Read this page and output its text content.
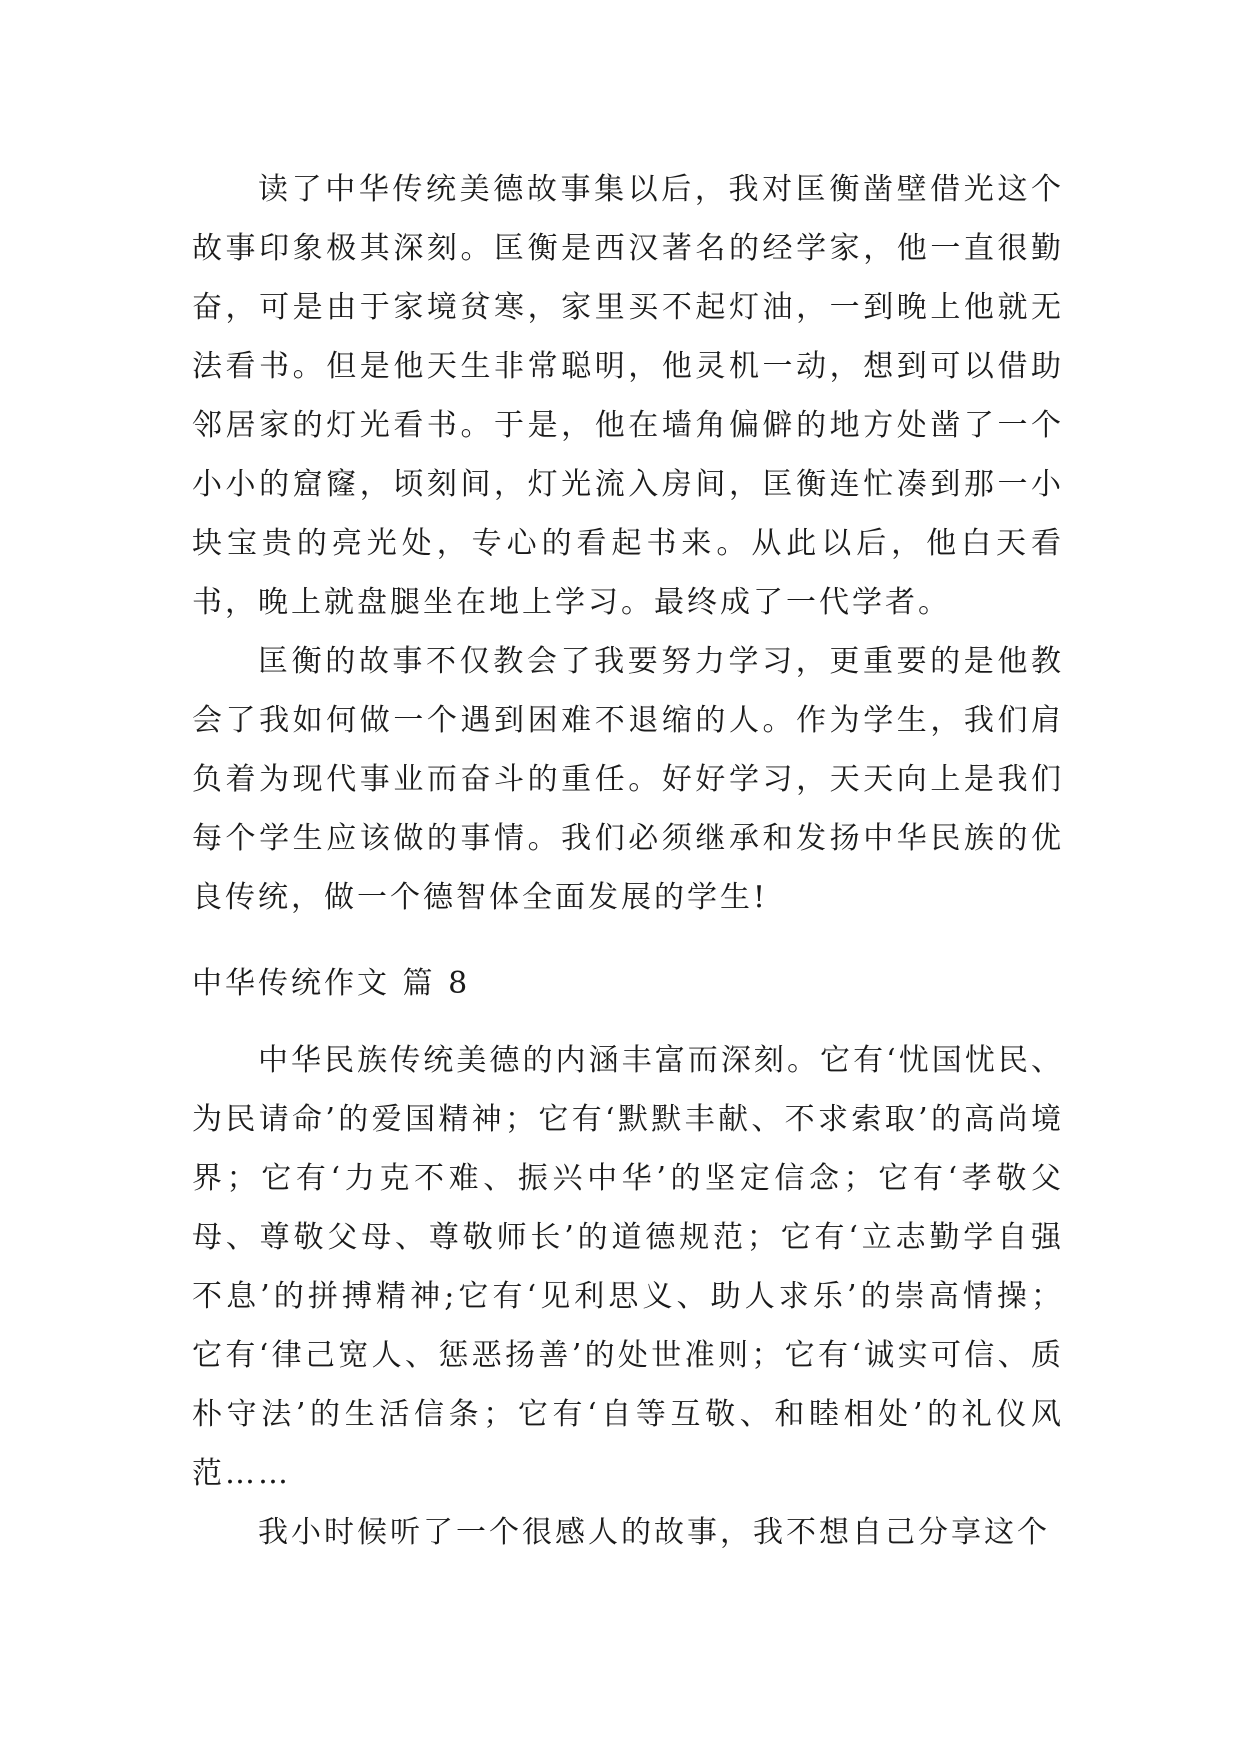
读了中华传统美德故事集以后，我对匡衡凿壁借光这个故事印象极其深刻。匡衡是西汉著名的经学家，他一直很勤奋，可是由于家境贫寒，家里买不起灯油，一到晚上他就无法看书。但是他天生非常聪明，他灵机一动，想到可以借助邻居家的灯光看书。于是，他在墙角偏僻的地方处凿了一个小小的窟窿，顷刻间，灯光流入房间，匡衡连忙凑到那一小块宝贵的亮光处，专心的看起书来。从此以后，他白天看书，晚上就盘腿坐在地上学习。最终成了一代学者。

匡衡的故事不仅教会了我要努力学习，更重要的是他教会了我如何做一个遇到困难不退缩的人。作为学生，我们肩负着为现代事业而奋斗的重任。好好学习，天天向上是我们每个学生应该做的事情。我们必须继承和发扬中华民族的优良传统，做一个德智体全面发展的学生!

中华传统作文 篇 8

中华民族传统美德的内涵丰富而深刻。它有‘忧国忧民、为民请命’的爱国精神；它有‘默默丰献、不求索取’的高尚境界；它有‘力克不难、振兴中华’的坚定信念；它有‘孝敬父母、尊敬父母、尊敬师长’的道德规范；它有‘立志勤学自强不息’的拼搏精神;它有‘见利思义、助人求乐’的崇高情操；它有‘律己宽人、惩恶扬善’的处世准则；它有‘诚实可信、质朴守法’的生活信条；它有‘自等互敬、和睦相处’的礼仪风范……

我小时候听了一个很感人的故事，我不想自己分享这个
